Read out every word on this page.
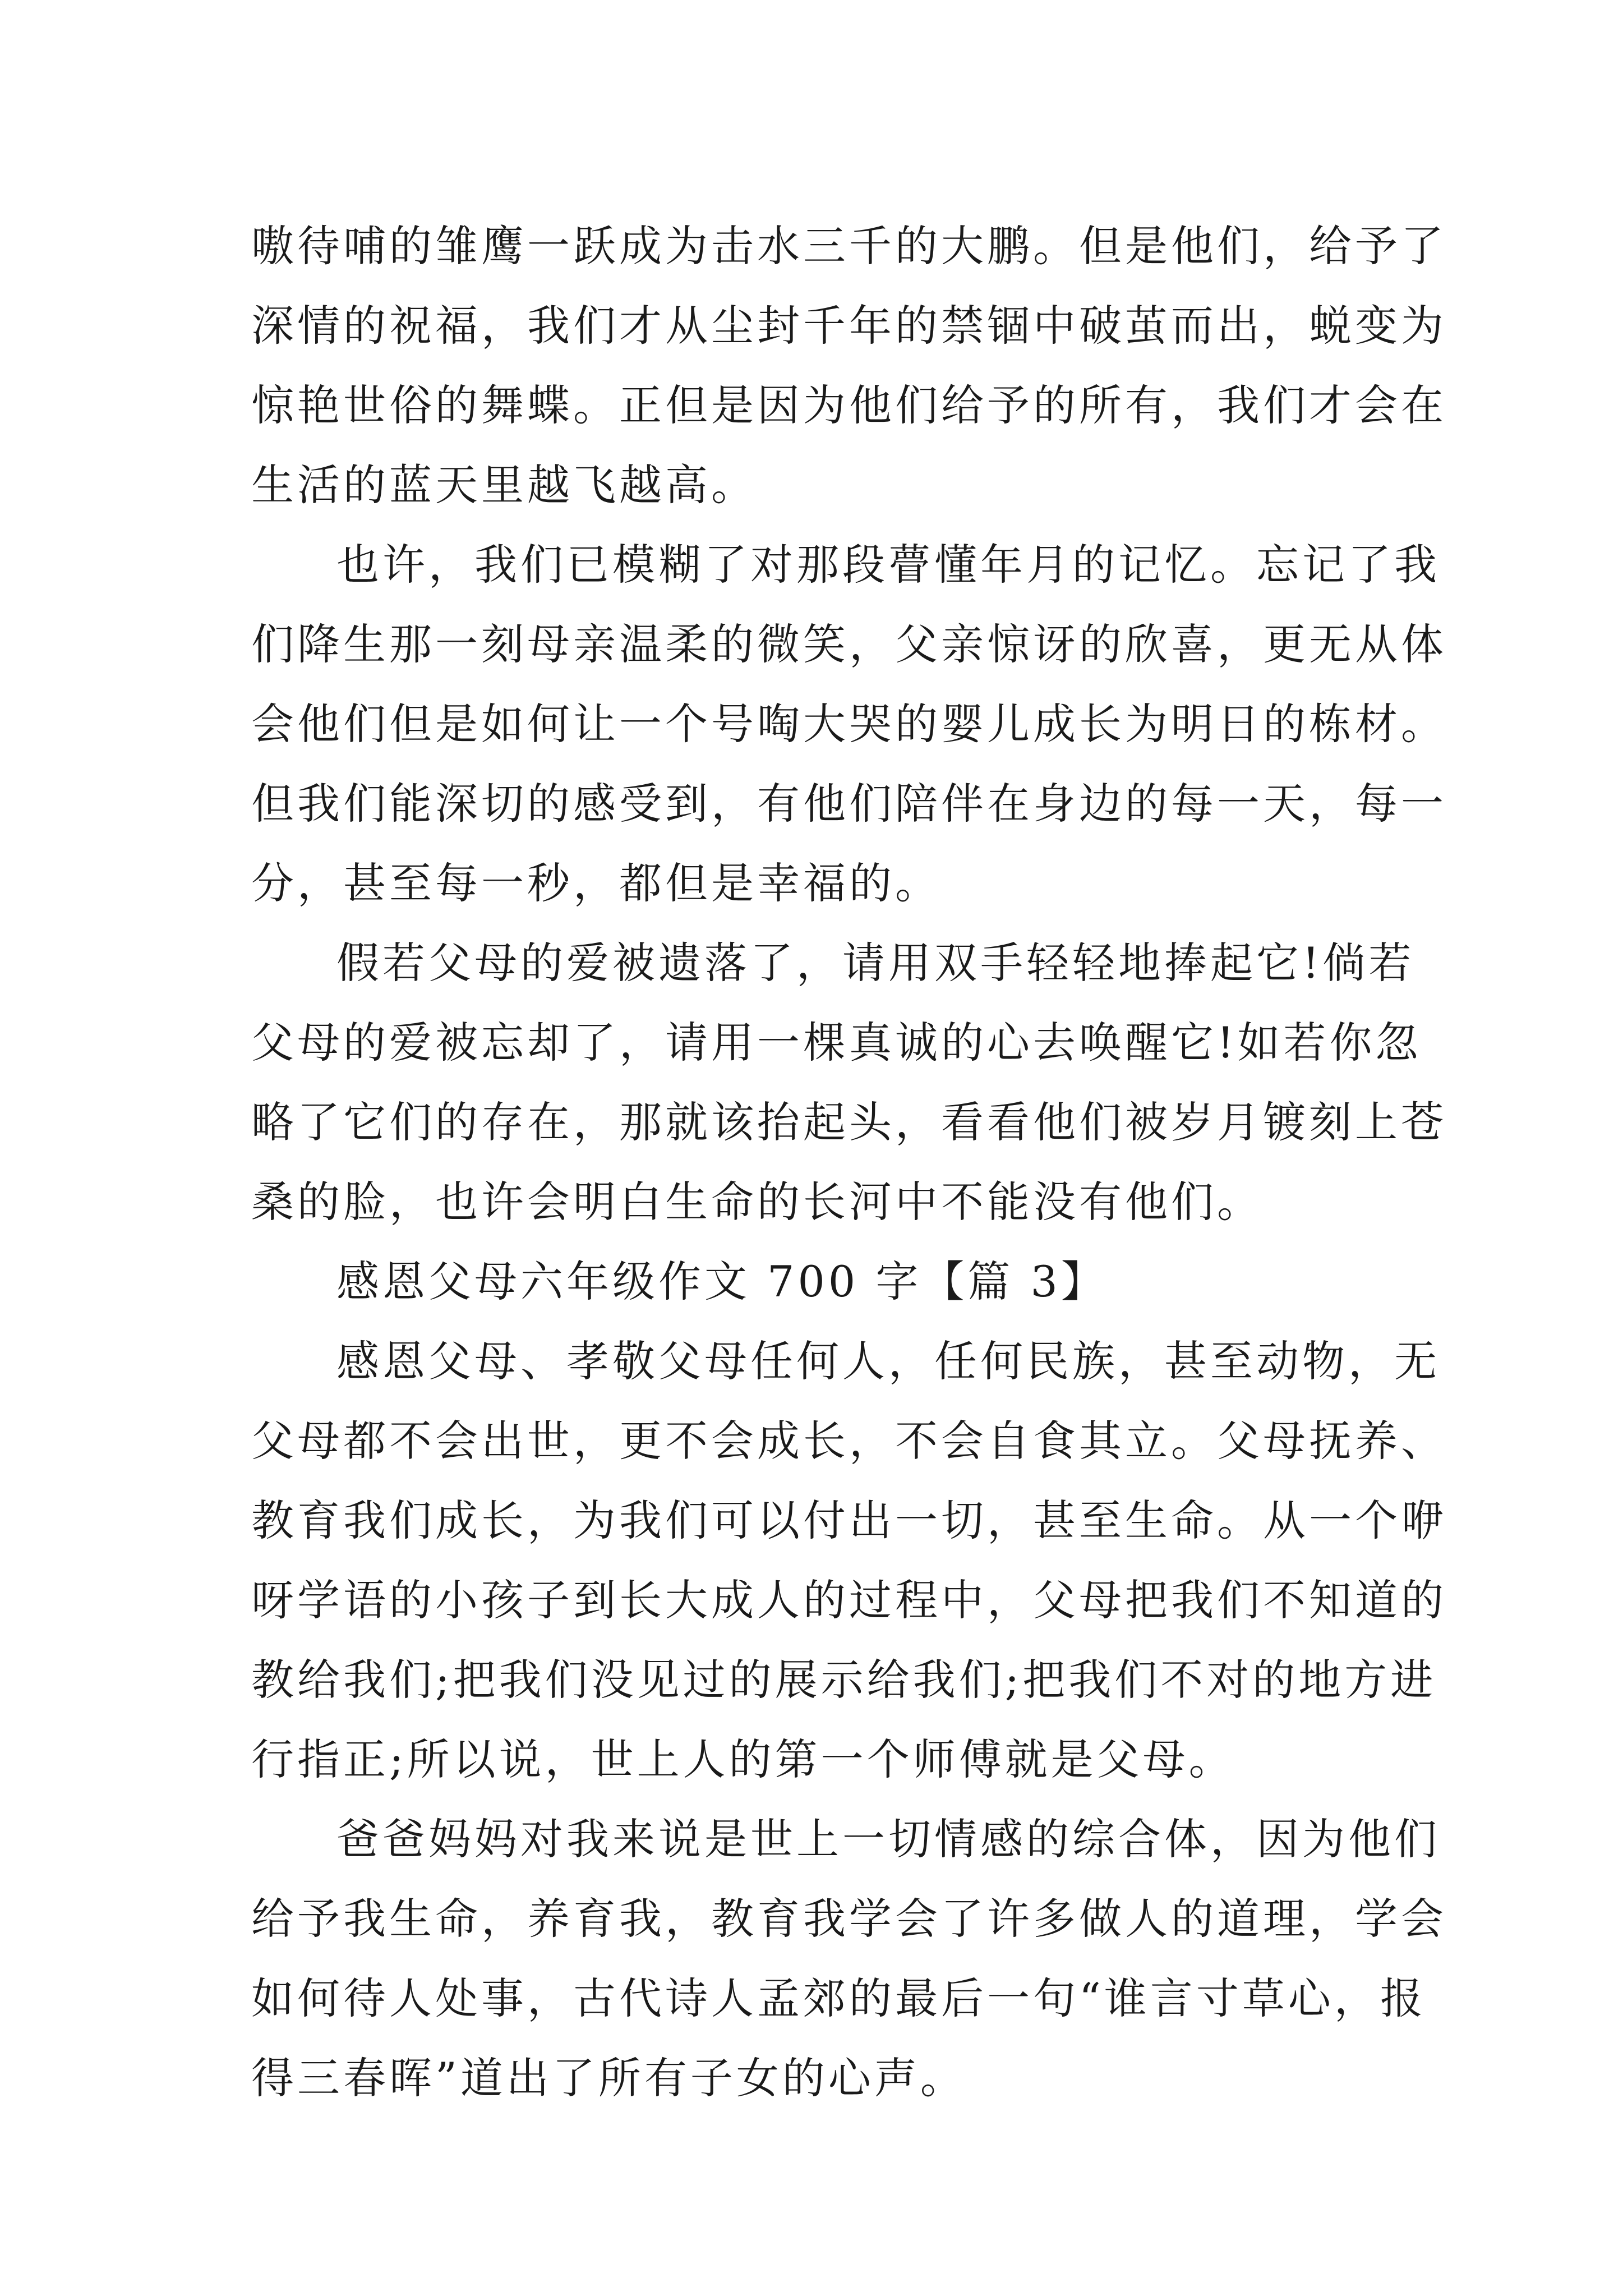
嗷待哺的雏鹰一跃成为击水三千的大鹏。但是他们，给予了
深情的祝福，我们才从尘封千年的禁锢中破茧而出，蜕变为
惊艳世俗的舞蝶。正但是因为他们给予的所有，我们才会在
生活的蓝天里越飞越高。
也许，我们已模糊了对那段瞢懂年月的记忆。忘记了我
们降生那一刻母亲温柔的微笑，父亲惊讶的欣喜，更无从体
会他们但是如何让一个号啕大哭的婴儿成长为明日的栋材。
但我们能深切的感受到，有他们陪伴在身边的每一天，每一
分，甚至每一秒，都但是幸福的。
假若父母的爱被遗落了，请用双手轻轻地捧起它!倘若
父母的爱被忘却了，请用一棵真诚的心去唤醒它!如若你忽
略了它们的存在，那就该抬起头，看看他们被岁月镀刻上苍
桑的脸，也许会明白生命的长河中不能没有他们。
感恩父母六年级作文 700 字【篇 3】
感恩父母、孝敬父母任何人，任何民族，甚至动物，无
父母都不会出世，更不会成长，不会自食其立。父母抚养、
教育我们成长，为我们可以付出一切，甚至生命。从一个咿
呀学语的小孩子到长大成人的过程中，父母把我们不知道的
教给我们;把我们没见过的展示给我们;把我们不对的地方进
行指正;所以说，世上人的第一个师傅就是父母。
爸爸妈妈对我来说是世上一切情感的综合体，因为他们
给予我生命，养育我，教育我学会了许多做人的道理，学会
如何待人处事，古代诗人孟郊的最后一句“谁言寸草心，报
得三春晖”道出了所有子女的心声。
